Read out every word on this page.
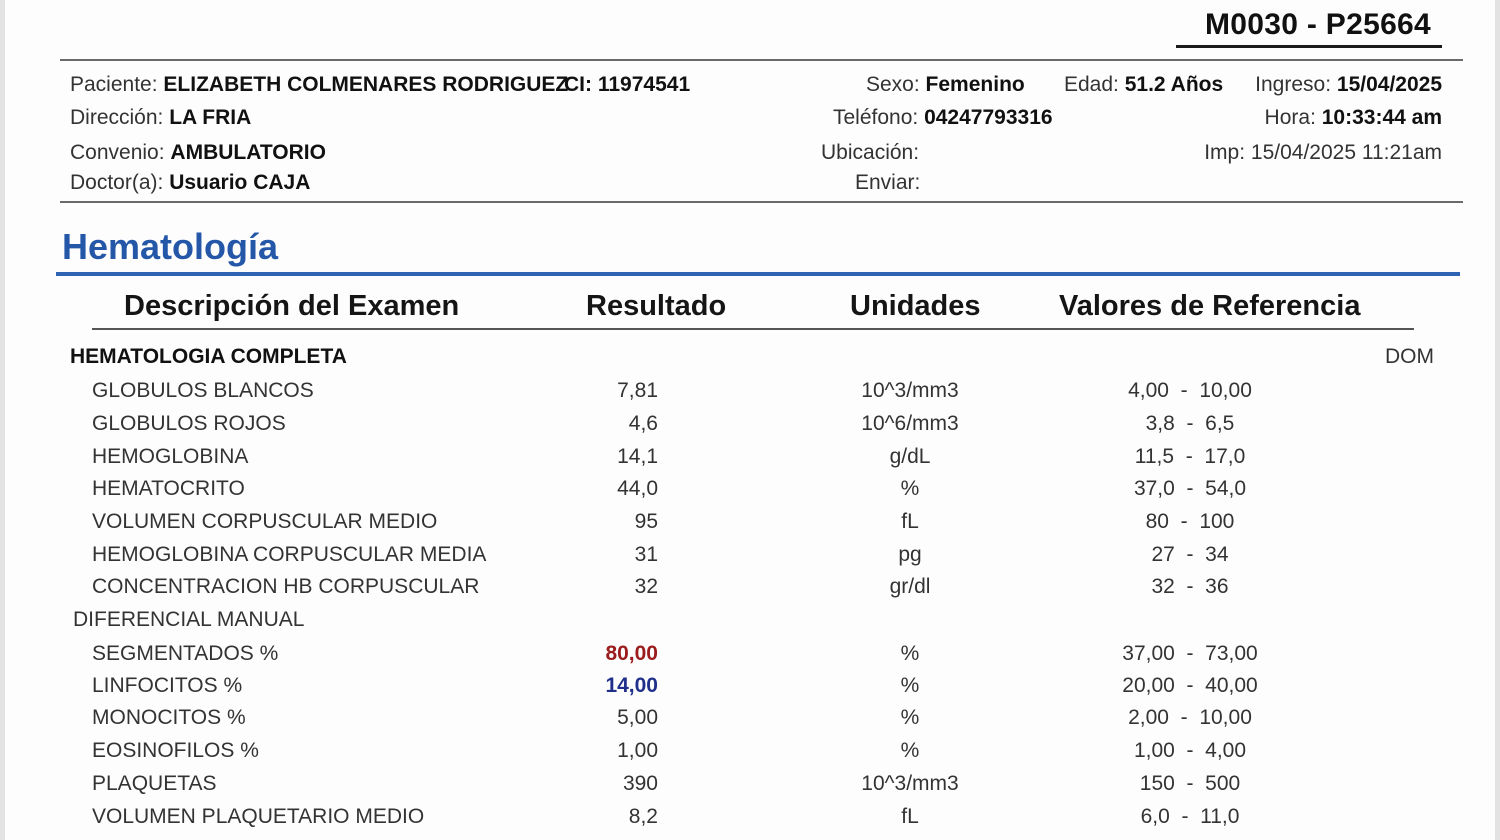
M0030 - P25664
Paciente: ELIZABETH COLMENARES RODRIGUEZ
CI: 11974541	Sexo: Femenino Edad: 51.2 Años Ingreso: 15/04/2025
Dirección: LA FRIA	Teléfono: 04247793316	Hora: 10:33:44 am
Convenio: AMBULATORIO	Ubicación:	Imp: 15/04/2025 11:21am
Doctor(a): Usuario CAJA	Enviar:
Hematología
Descripción del Examen	Resultado	Unidades	Valores de Referencia
HEMATOLOGIA COMPLETA	DOM
GLOBULOS BLANCOS	7,81	10^3/mm3	4,00 - 10,00
GLOBULOS ROJOS	4,6	10^6/mm3	3,8 - 6,5
HEMOGLOBINA	14,1	g/dL	11,5 - 17,0
HEMATOCRITO	44,0	%	37,0 - 54,0
VOLUMEN CORPUSCULAR MEDIO	95	fL	80 - 100
HEMOGLOBINA CORPUSCULAR MEDIA	31	pg	27 - 34
CONCENTRACION HB CORPUSCULAR	32	gr/dl	32 - 36
DIFERENCIAL MANUAL
SEGMENTADOS %	80,00	%	37,00 - 73,00
LINFOCITOS %	14,00	%	20,00 - 40,00
MONOCITOS %	5,00	%	2,00 - 10,00
EOSINOFILOS %	1,00	%	1,00 - 4,00
PLAQUETAS	390	10^3/mm3	150 - 500
VOLUMEN PLAQUETARIO MEDIO	8,2	fL	6,0 - 11,0
